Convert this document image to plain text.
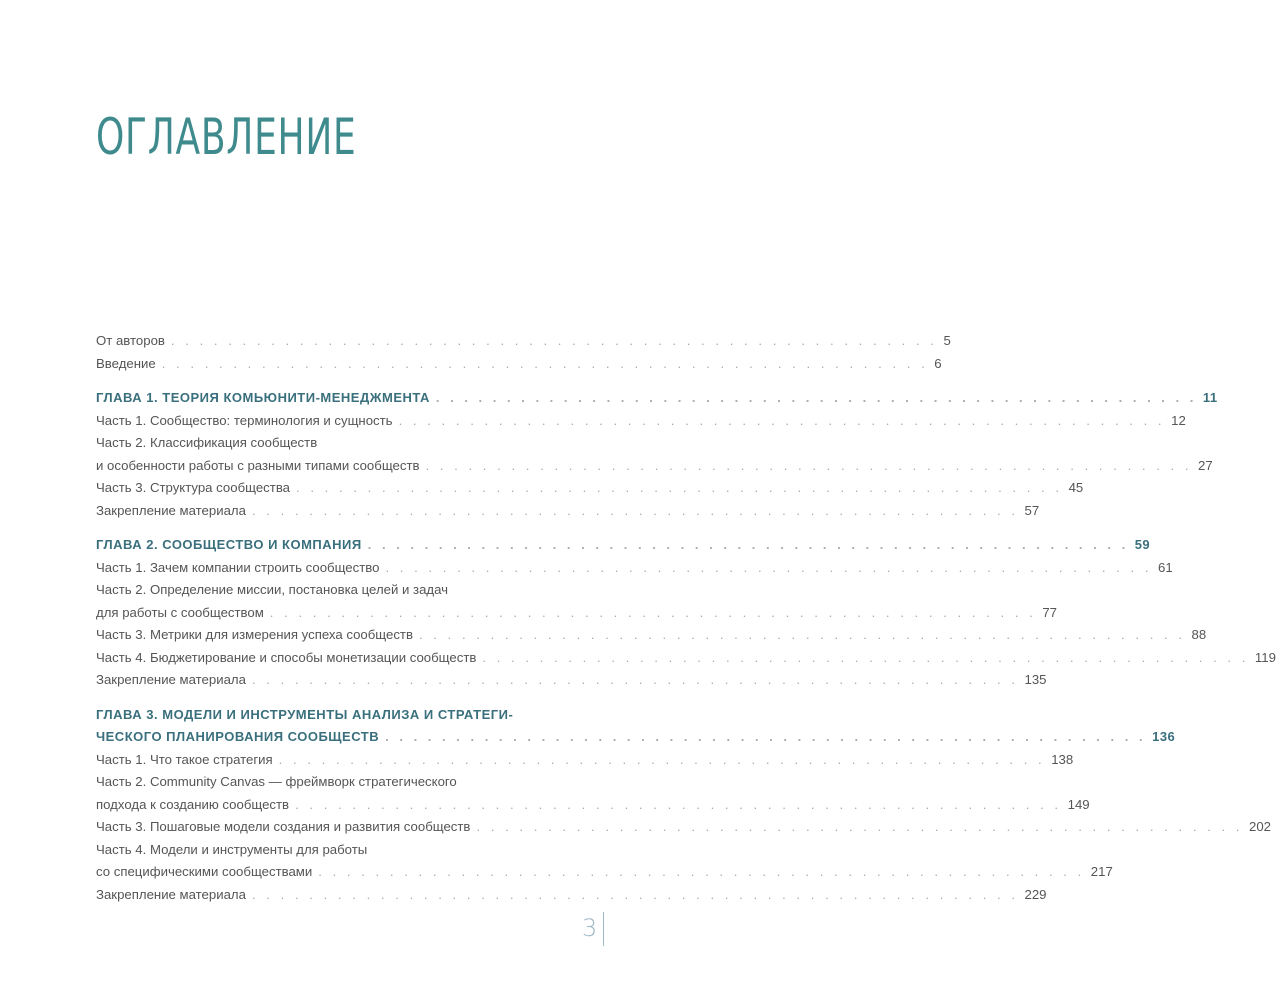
ОГЛАВЛЕНИЕ
От авторов . . . . . . . . . . . . . . . . . . . . . . . . . . . . . . . . . . . . . . . . . . . . . . . . . . . . . . 5
Введение . . . . . . . . . . . . . . . . . . . . . . . . . . . . . . . . . . . . . . . . . . . . . . . . . . . . . . 6
ГЛАВА 1. ТЕОРИЯ КОМЬЮНИТИ-МЕНЕДЖМЕНТА . . . . . . . . . . . . . . . . . . . . . . . . . . . . . . . . . . . . . . . . . . . . . . . . . . . . . . 11
Часть 1. Сообщество: терминология и сущность . . . . . . . . . . . . . . . . . . . . . . . . . . . . . . . . . . . . . . . . . . . . . . . . . . . . . . 12
Часть 2. Классификация сообществ
и особенности работы с разными типами сообществ . . . . . . . . . . . . . . . . . . . . . . . . . . . . . . . . . . . . . . . . . . . . . . . . . . . . . . 27
Часть 3. Структура сообщества . . . . . . . . . . . . . . . . . . . . . . . . . . . . . . . . . . . . . . . . . . . . . . . . . . . . . . 45
Закрепление материала . . . . . . . . . . . . . . . . . . . . . . . . . . . . . . . . . . . . . . . . . . . . . . . . . . . . . . 57
ГЛАВА 2. СООБЩЕСТВО И КОМПАНИЯ . . . . . . . . . . . . . . . . . . . . . . . . . . . . . . . . . . . . . . . . . . . . . . . . . . . . . . 59
Часть 1. Зачем компании строить сообщество . . . . . . . . . . . . . . . . . . . . . . . . . . . . . . . . . . . . . . . . . . . . . . . . . . . . . . 61
Часть 2. Определение миссии, постановка целей и задач
для работы с сообществом . . . . . . . . . . . . . . . . . . . . . . . . . . . . . . . . . . . . . . . . . . . . . . . . . . . . . . 77
Часть 3. Метрики для измерения успеха сообществ . . . . . . . . . . . . . . . . . . . . . . . . . . . . . . . . . . . . . . . . . . . . . . . . . . . . . . 88
Часть 4. Бюджетирование и способы монетизации сообществ . . . . . . . . . . . . . . . . . . . . . . . . . . . . . . . . . . . . . . . . . . . . . . . . . . . . . . 119
Закрепление материала . . . . . . . . . . . . . . . . . . . . . . . . . . . . . . . . . . . . . . . . . . . . . . . . . . . . . . 135
ГЛАВА 3. МОДЕЛИ И ИНСТРУМЕНТЫ АНАЛИЗА И СТРАТЕГИ-
ЧЕСКОГО ПЛАНИРОВАНИЯ СООБЩЕСТВ . . . . . . . . . . . . . . . . . . . . . . . . . . . . . . . . . . . . . . . . . . . . . . . . . . . . . . 136
Часть 1. Что такое стратегия . . . . . . . . . . . . . . . . . . . . . . . . . . . . . . . . . . . . . . . . . . . . . . . . . . . . . . 138
Часть 2. Community Canvas — фреймворк стратегического
подхода к созданию сообществ . . . . . . . . . . . . . . . . . . . . . . . . . . . . . . . . . . . . . . . . . . . . . . . . . . . . . . 149
Часть 3. Пошаговые модели создания и развития сообществ . . . . . . . . . . . . . . . . . . . . . . . . . . . . . . . . . . . . . . . . . . . . . . . . . . . . . . 202
Часть 4. Модели и инструменты для работы
со специфическими сообществами . . . . . . . . . . . . . . . . . . . . . . . . . . . . . . . . . . . . . . . . . . . . . . . . . . . . . . 217
Закрепление материала . . . . . . . . . . . . . . . . . . . . . . . . . . . . . . . . . . . . . . . . . . . . . . . . . . . . . . 229
3
